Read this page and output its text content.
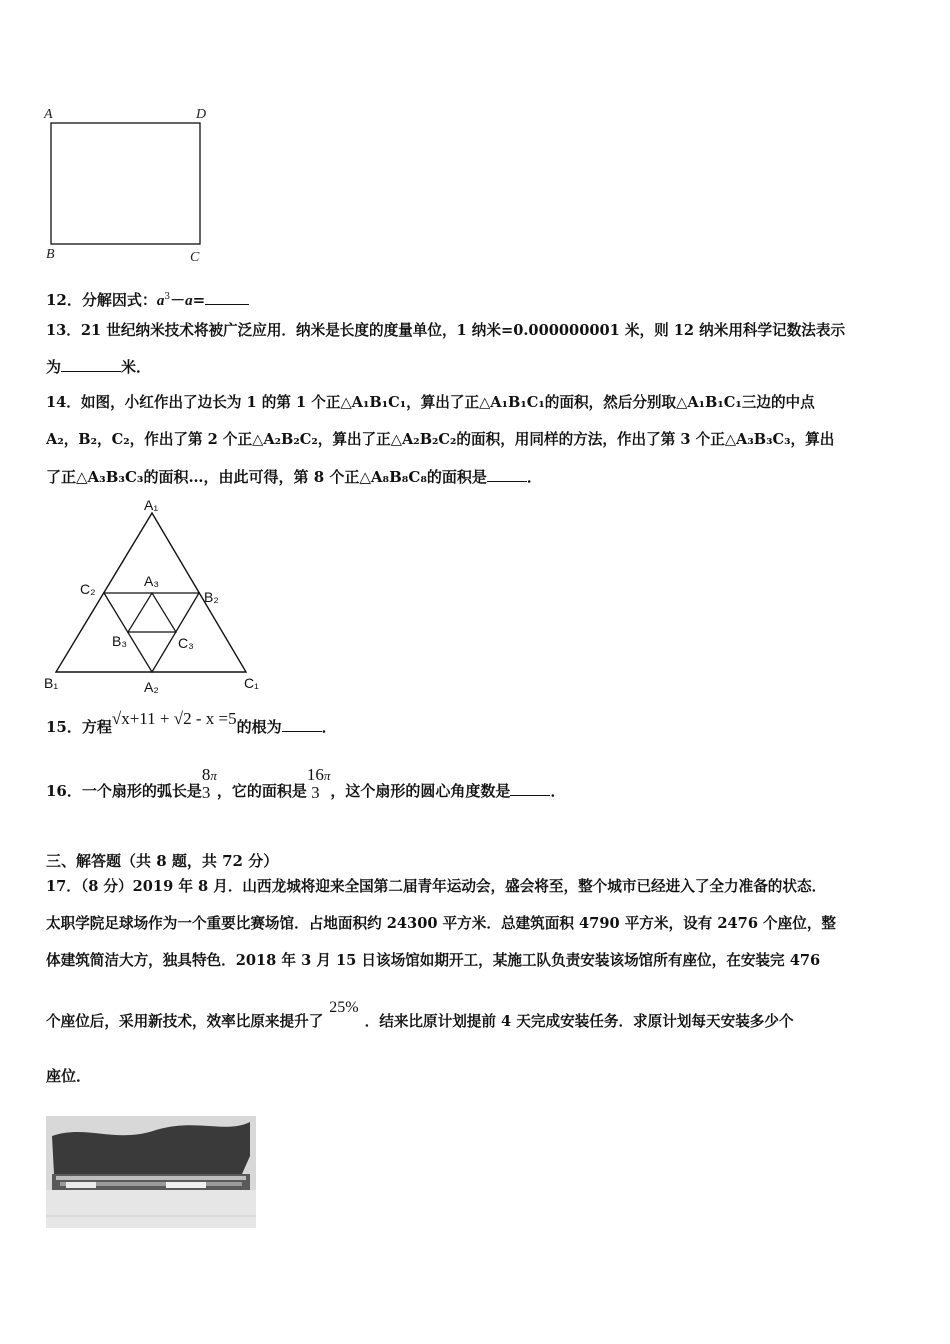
A	D
B	C
12．分解因式：$a^3-a=$
13．21 世纪纳米技术将被广泛应用．纳米是长度的度量单位，1 纳米=0.000000001 米，则 12 纳米用科学记数法表示
为	米．
14．如图，小红作出了边长为 1 的第 1 个正△A₁B₁C₁，算出了正△A₁B₁C₁的面积，然后分别取△A₁B₁C₁三边的中点
A₂，B₂，C₂，作出了第 2 个正△A₂B₂C₂，算出了正△A₂B₂C₂的面积，用同样的方法，作出了第 3 个正△A₃B₃C₃，算出
了正△A₃B₃C₃的面积…，由此可得，第 8 个正△A₈B₈C₈的面积是	．
A₁
B₁	C₁
A₂
B₂
C₂	A₃
B₃	C₃
15．方程√x+11 + √2 - x =5的根为	．
16．一个扇形的弧长是
8
3
π，它的面积是
16
3
π，这个扇形的圆心角度数是	．
三、解答题（共 8 题，共 72 分）
17．（8 分）2019 年 8 月．山西龙城将迎来全国第二届青年运动会，盛会将至，整个城市已经进入了全力准备的状态．
太职学院足球场作为一个重要比赛场馆．占地面积约 24300 平方米．总建筑面积 4790 平方米，设有 2476 个座位，整
体建筑简洁大方，独具特色．2018 年 3 月 15 日该场馆如期开工，某施工队负责安装该场馆所有座位，在安装完 476
个座位后，采用新技术，效率比原来提升了25%．结来比原计划提前 4 天完成安装任务．求原计划每天安装多少个
座位．
